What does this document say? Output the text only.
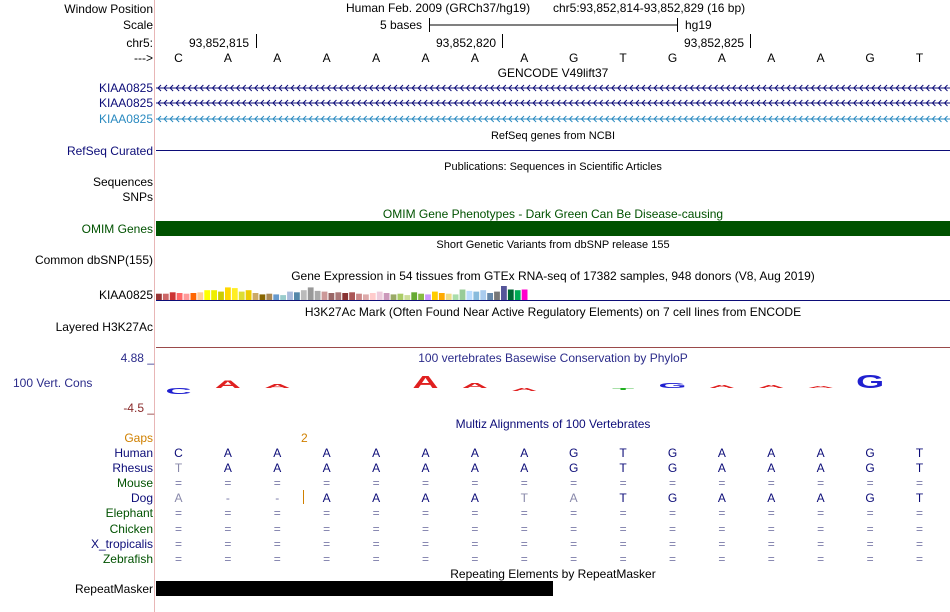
Window Position
Scale
chr5:
--->
Human Feb. 2009 (GRCh37/hg19) chr5:93,852,814-93,852,829 (16 bp)
5 bases	hg19
93,852,815	93,852,820	93,852,825
C	A	A	A	A	A	A	A	G	T	G	A	A	A	G	T
GENCODE V49lift37
KIAA0825
KIAA0825
KIAA0825
RefSeq genes from NCBI
RefSeq Curated
Publications: Sequences in Scientific Articles
Sequences
SNPs
OMIM Gene Phenotypes - Dark Green Can Be Disease-causing
OMIM Genes
Short Genetic Variants from dbSNP release 155
Common dbSNP(155)
Gene Expression in 54 tissues from GTEx RNA-seq of 17382 samples, 948 donors (V8, Aug 2019)
KIAA0825
H3K27Ac Mark (Often Found Near Active Regulatory Elements) on 7 cell lines from ENCODE
Layered H3K27Ac
100 vertebrates Basewise Conservation by PhyloP
4.88 _
100 Vert. Cons
-4.5 _
C
A A	A A
A	T G A A A G
Multiz Alignments of 100 Vertebrates
Gaps	2
Human	C	A	A	A	A	A	A	A	G	T	G	A	A	A	G	T
Rhesus	T	A	A	A	A	A	A	A	G	T	G	A	A	A	G	T
Mouse	=	=	=	=	=	=	=	=	=	=	=	=	=	=	=	=
Dog	A	-	-	A	A	A	A	T	A	T	G	A	A	A	G	T
Elephant	=	=	=	=	=	=	=	=	=	=	=	=	=	=	=	=
Chicken	=	=	=	=	=	=	=	=	=	=	=	=	=	=	=	=
X_tropicalis	=	=	=	=	=	=	=	=	=	=	=	=	=	=	=	=
Zebrafish	=	=	=	=	=	=	=	=	=	=	=	=	=	=	=	=
Repeating Elements by RepeatMasker
RepeatMasker
